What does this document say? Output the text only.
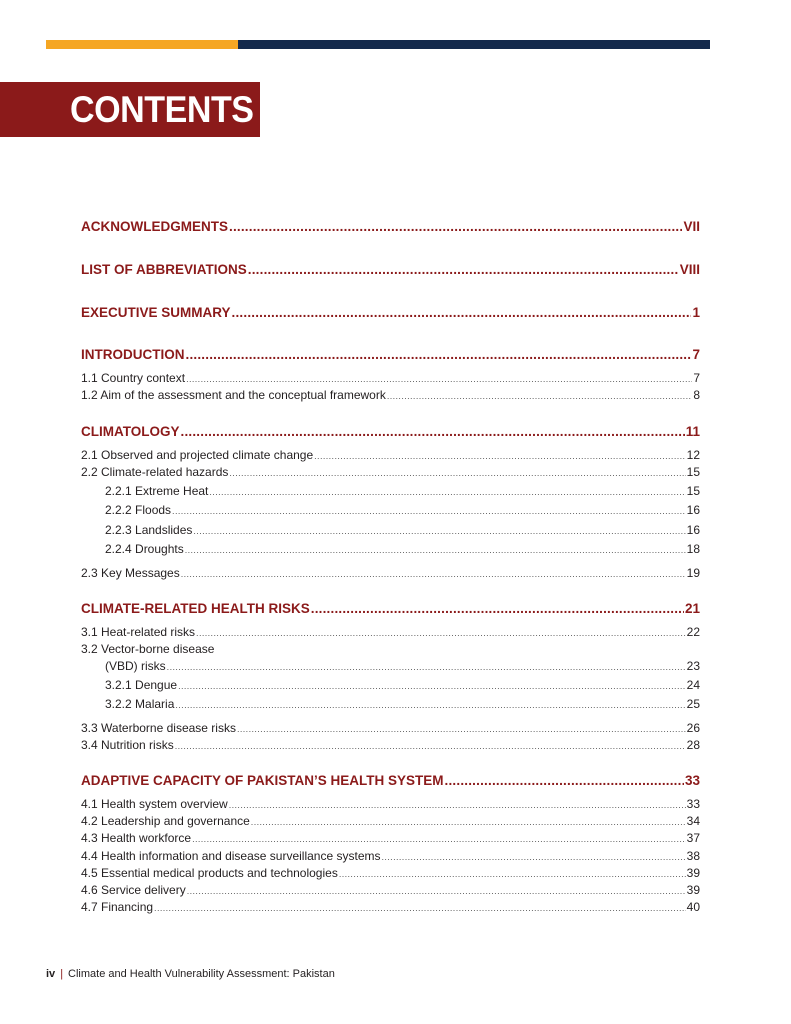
CONTENTS
ACKNOWLEDGMENTS .....	VII
LIST OF ABBREVIATIONS .....	VIII
EXECUTIVE SUMMARY .....	1
INTRODUCTION .....	7
1.1 Country context .....	7
1.2 Aim of the assessment and the conceptual framework .....	8
CLIMATOLOGY .....	11
2.1 Observed and projected climate change .....	12
2.2 Climate-related hazards .....	15
2.2.1 Extreme Heat .....	15
2.2.2 Floods .....	16
2.2.3 Landslides .....	16
2.2.4 Droughts .....	18
2.3 Key Messages .....	19
CLIMATE-RELATED HEALTH RISKS .....	21
3.1 Heat-related risks .....	22
3.2 Vector-borne disease
(VBD) risks .....	23
3.2.1 Dengue .....	24
3.2.2 Malaria .....	25
3.3 Waterborne disease risks .....	26
3.4 Nutrition risks .....	28
ADAPTIVE CAPACITY OF PAKISTAN’S HEALTH SYSTEM .....	33
4.1 Health system overview .....	33
4.2 Leadership and governance .....	34
4.3 Health workforce .....	37
4.4 Health information and disease surveillance systems .....	38
4.5 Essential medical products and technologies .....	39
4.6 Service delivery .....	39
4.7 Financing .....	40
iv | Climate and Health Vulnerability Assessment: Pakistan
